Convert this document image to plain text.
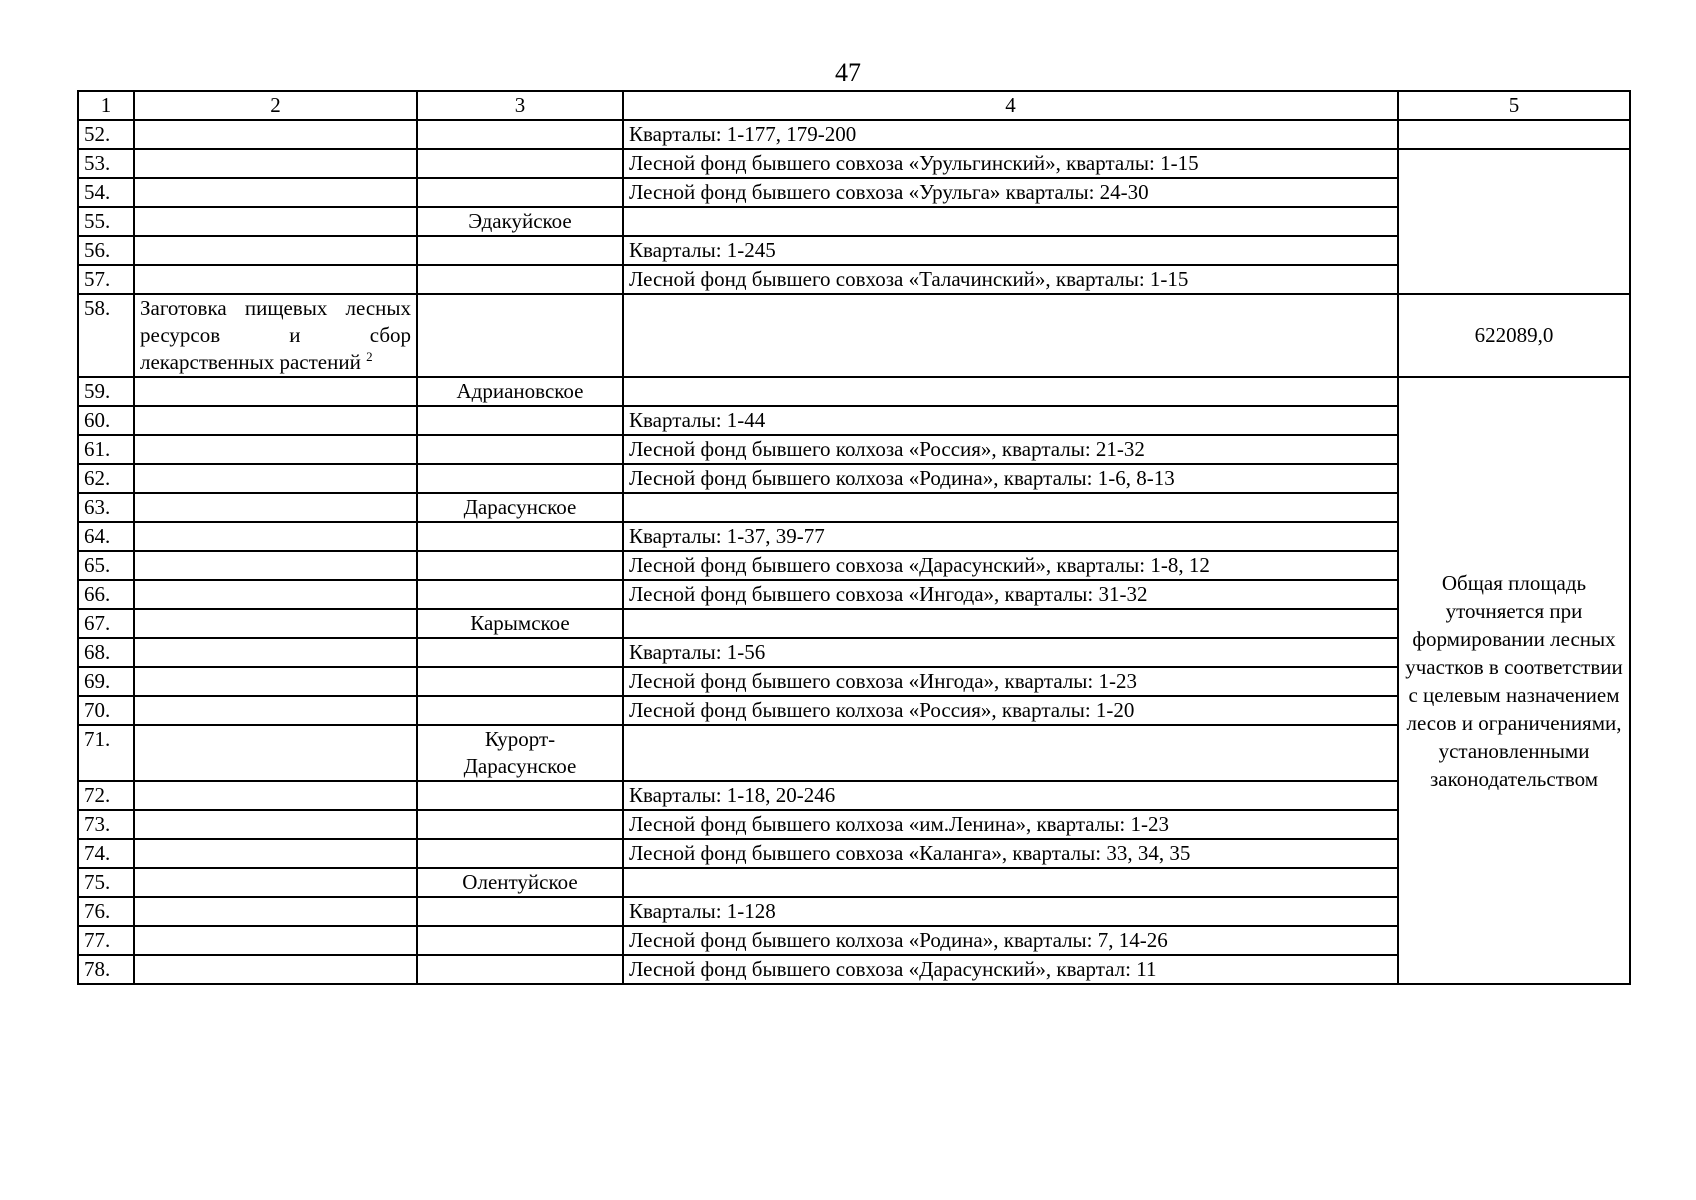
47
1	2	3	4	5
52.			Кварталы: 1-177, 179-200	
53.			Лесной фонд бывшего совхоза «Урульгинский», кварталы: 1-15	
54.			Лесной фонд бывшего совхоза «Урульга» кварталы: 24-30	
55.		Эдакуйское		
56.			Кварталы: 1-245	
57.			Лесной фонд бывшего совхоза «Талачинский», кварталы: 1-15	
58.	Заготовка пищевых лесных ресурсов и сбор лекарственных растений $^2$			622089,0
59.		Адриановское		Общая площадь уточняется при формировании лесных участков в соответствии с целевым назначением лесов и ограничениями, установленными законодательством

60.			Кварталы: 1-44	
61.			Лесной фонд бывшего колхоза «Россия», кварталы: 21-32	
62.			Лесной фонд бывшего колхоза «Родина», кварталы: 1-6, 8-13	
63.		Дарасунское		
64.			Кварталы: 1-37, 39-77	
65.			Лесной фонд бывшего совхоза «Дарасунский», кварталы: 1-8, 12	
66.			Лесной фонд бывшего совхоза «Ингода», кварталы: 31-32	
67.		Карымское		
68.			Кварталы: 1-56	
69.			Лесной фонд бывшего совхоза «Ингода», кварталы: 1-23	
70.			Лесной фонд бывшего колхоза «Россия», кварталы: 1-20	
71.		Курорт-
Дарасунское		

72.			Кварталы: 1-18, 20-246	
73.			Лесной фонд бывшего колхоза «им.Ленина», кварталы: 1-23	
74.			Лесной фонд бывшего совхоза «Каланга», кварталы: 33, 34, 35	
75.		Олентуйское		
76.			Кварталы: 1-128	
77.			Лесной фонд бывшего колхоза «Родина», кварталы: 7, 14-26	
78.			Лесной фонд бывшего совхоза «Дарасунский», квартал: 11	
